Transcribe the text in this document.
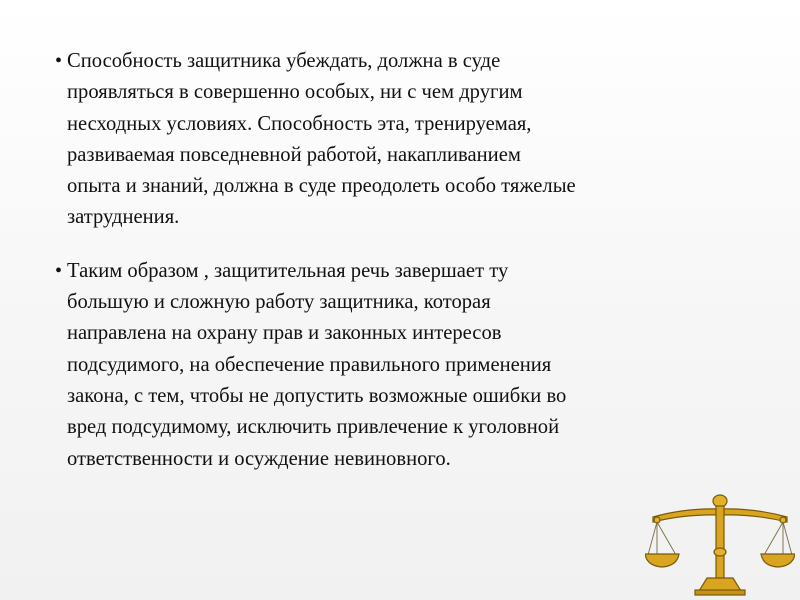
• Способность защитника убеждать, должна в суде
проявляться в совершенно особых, ни с чем другим
несходных условиях. Способность эта, тренируемая,
развиваемая повседневной работой, накапливанием
опыта и знаний, должна в суде преодолеть особо тяжелые
затруднения.
• Таким образом , защитительная речь завершает ту
большую и сложную работу защитника, которая
направлена на охрану прав и законных интересов
подсудимого, на обеспечение правильного применения
закона, с тем, чтобы не допустить возможные ошибки во
вред подсудимому, исключить привлечение к уголовной
ответственности и осуждение невиновного.
